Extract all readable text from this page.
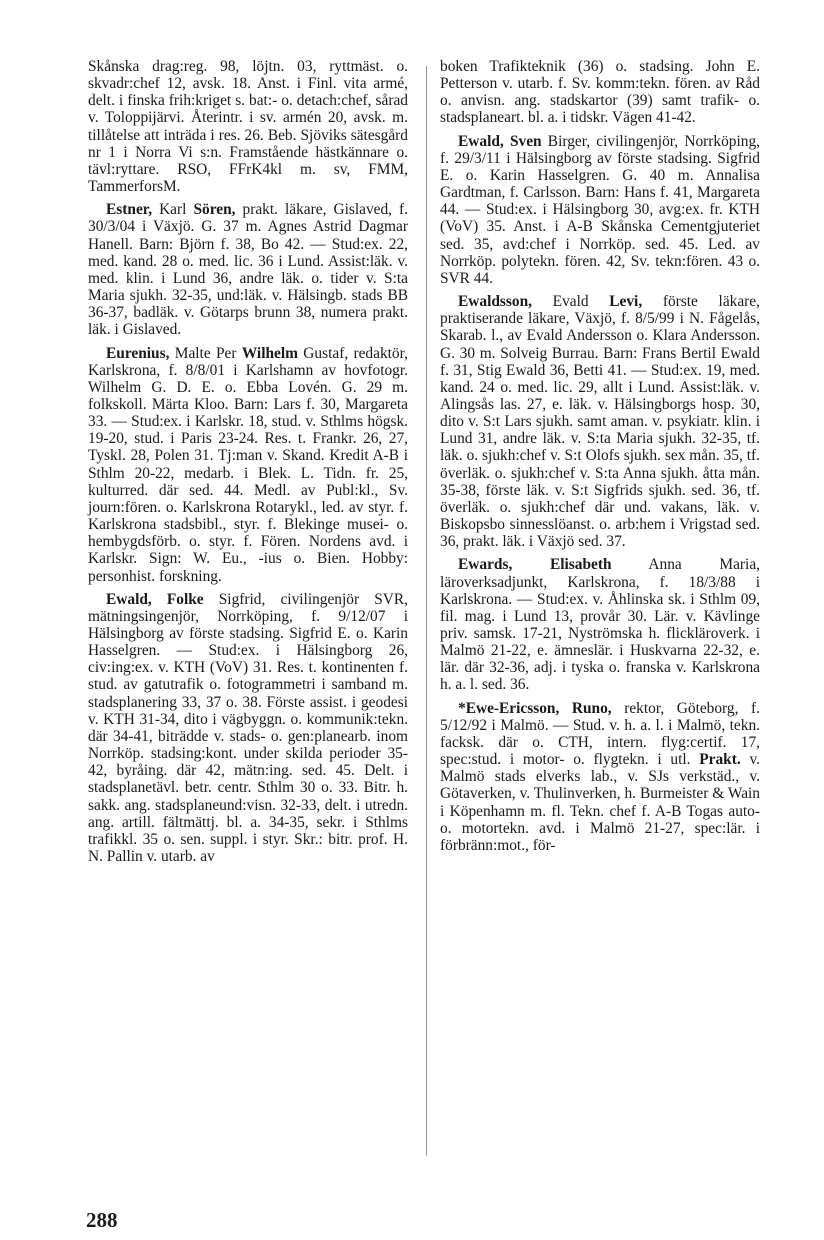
Skånska drag:reg. 98, löjtn. 03, ryttmäst. o. skvadr:chef 12, avsk. 18. Anst. i Finl. vita armé, delt. i finska frih:kriget s. bat:- o. detach:chef, sårad v. Toloppijärvi. Återintr. i sv. armén 20, avsk. m. tillåtelse att inträda i res. 26. Beb. Sjöviks sätesgård nr 1 i Norra Vi s:n. Framstående hästkännare o. tävl:ryttare. RSO, FFrK4kl m. sv, FMM, TammerforsM.

Estner, Karl Sören, prakt. läkare, Gislaved, f. 30/3/04 i Växjö. G. 37 m. Agnes Astrid Dagmar Hanell. Barn: Björn f. 38, Bo 42. — Stud:ex. 22, med. kand. 28 o. med. lic. 36 i Lund. Assist:läk. v. med. klin. i Lund 36, andre läk. o. tider v. S:ta Maria sjukh. 32-35, und:läk. v. Hälsingb. stads BB 36-37, badläk. v. Götarps brunn 38, numera prakt. läk. i Gislaved.

Eurenius, Malte Per Wilhelm Gustaf, redaktör, Karlskrona, f. 8/8/01 i Karlshamn av hovfotogr. Wilhelm G. D. E. o. Ebba Lovén. G. 29 m. folkskoll. Märta Kloo. Barn: Lars f. 30, Margareta 33. — Stud:ex. i Karlskr. 18, stud. v. Sthlms högsk. 19-20, stud. i Paris 23-24. Res. t. Frankr. 26, 27, Tyskl. 28, Polen 31. Tj:man v. Skand. Kredit A-B i Sthlm 20-22, medarb. i Blek. L. Tidn. fr. 25, kulturred. där sed. 44. Medl. av Publ:kl., Sv. journ:fören. o. Karlskrona Rotarykl., led. av styr. f. Karlskrona stadsbibl., styr. f. Blekinge musei- o. hembygdsförb. o. styr. f. Fören. Nordens avd. i Karlskr. Sign: W. Eu., -ius o. Bien. Hobby: personhist. forskning.

Ewald, Folke Sigfrid, civilingenjör SVR, mätningsingenjör, Norrköping, f. 9/12/07 i Hälsingborg av förste stadsing. Sigfrid E. o. Karin Hasselgren. — Stud:ex. i Hälsingborg 26, civ:ing:ex. v. KTH (VoV) 31. Res. t. kontinenten f. stud. av gatutrafik o. fotogrammetri i samband m. stadsplanering 33, 37 o. 38. Förste assist. i geodesi v. KTH 31-34, dito i vägbyggn. o. kommunik:tekn. där 34-41, biträdde v. stads- o. gen:planearb. inom Norrköp. stadsing:kont. under skilda perioder 35-42, byråing. där 42, mätn:ing. sed. 45. Delt. i stadsplanetävl. betr. centr. Sthlm 30 o. 33. Bitr. h. sakk. ang. stadsplaneund:visn. 32-33, delt. i utredn. ang. artill. fältmättj. bl. a. 34-35, sekr. i Sthlms trafikkl. 35 o. sen. suppl. i styr. Skr.: bitr. prof. H. N. Pallin v. utarb. av

boken Trafikteknik (36) o. stadsing. John E. Petterson v. utarb. f. Sv. komm:tekn. fören. av Råd o. anvisn. ang. stadskartor (39) samt trafik- o. stadsplaneart. bl. a. i tidskr. Vägen 41-42.

Ewald, Sven Birger, civilingenjör, Norrköping, f. 29/3/11 i Hälsingborg av förste stadsing. Sigfrid E. o. Karin Hasselgren. G. 40 m. Annalisa Gardtman, f. Carlsson. Barn: Hans f. 41, Margareta 44. — Stud:ex. i Hälsingborg 30, avg:ex. fr. KTH (VoV) 35. Anst. i A-B Skånska Cementgjuteriet sed. 35, avd:chef i Norrköp. sed. 45. Led. av Norrköp. polytekn. fören. 42, Sv. tekn:fören. 43 o. SVR 44.

Ewaldsson, Evald Levi, förste läkare, praktiserande läkare, Växjö, f. 8/5/99 i N. Fågelås, Skarab. l., av Evald Andersson o. Klara Andersson. G. 30 m. Solveig Burrau. Barn: Frans Bertil Ewald f. 31, Stig Ewald 36, Betti 41. — Stud:ex. 19, med. kand. 24 o. med. lic. 29, allt i Lund. Assist:läk. v. Alingsås las. 27, e. läk. v. Hälsingborgs hosp. 30, dito v. S:t Lars sjukh. samt aman. v. psykiatr. klin. i Lund 31, andre läk. v. S:ta Maria sjukh. 32-35, tf. läk. o. sjukh:chef v. S:t Olofs sjukh. sex mån. 35, tf. överläk. o. sjukh:chef v. S:ta Anna sjukh. åtta mån. 35-38, förste läk. v. S:t Sigfrids sjukh. sed. 36, tf. överläk. o. sjukh:chef där und. vakans, läk. v. Biskopsbo sinnesslöanst. o. arb:hem i Vrigstad sed. 36, prakt. läk. i Växjö sed. 37.

Ewards, Elisabeth Anna Maria, läroverksadjunkt, Karlskrona, f. 18/3/88 i Karlskrona. — Stud:ex. v. Åhlinska sk. i Sthlm 09, fil. mag. i Lund 13, provår 30. Lär. v. Kävlinge priv. samsk. 17-21, Nyströmska h. flickläroverk. i Malmö 21-22, e. ämneslär. i Huskvarna 22-32, e. lär. där 32-36, adj. i tyska o. franska v. Karlskrona h. a. l. sed. 36.

*Ewe-Ericsson, Runo, rektor, Göteborg, f. 5/12/92 i Malmö. — Stud. v. h. a. l. i Malmö, tekn. facksk. där o. CTH, intern. flyg:certif. 17, spec:stud. i motor- o. flygtekn. i utl. Prakt. v. Malmö stads elverks lab., v. SJs verkstäd., v. Götaverken, v. Thulinverken, h. Burmeister & Wain i Köpenhamn m. fl. Tekn. chef f. A-B Togas auto- o. motortekn. avd. i Malmö 21-27, spec:lär. i förbränn:mot., för-

288
